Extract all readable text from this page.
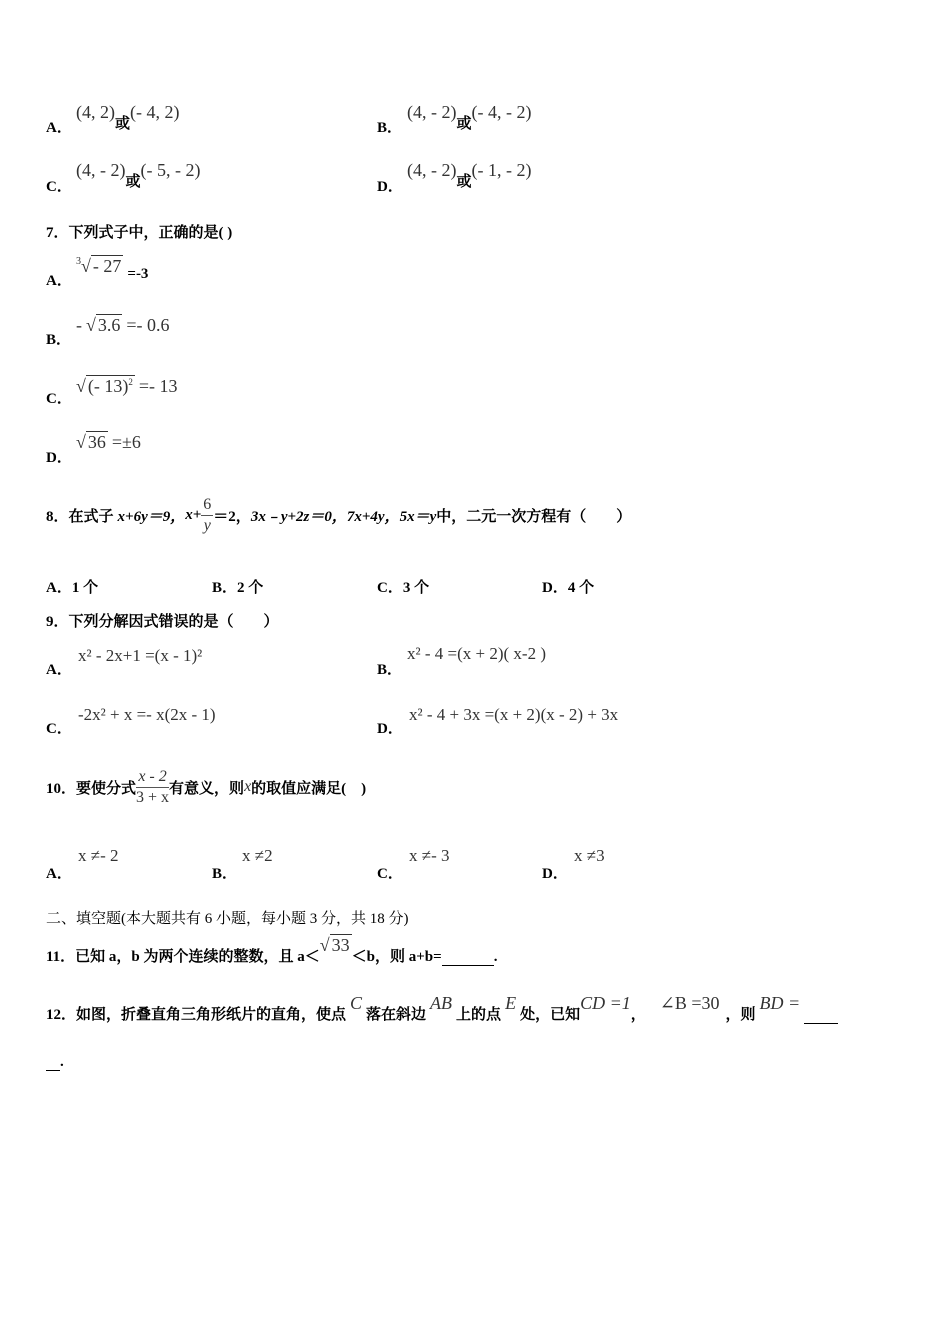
A．
(4, 2)或(- 4, 2)
B．
(4, - 2)或(- 4, - 2)
C．
(4, - 2)或(- 5, - 2)
D．
(4, - 2)或(- 1, - 2)
7．下列式子中，正确的是( )
A．
$^3$√ - 27 =-3
B．
- √ 3.6 =- 0.6
C．
√ (- 13)$^2$ =- 13
D．
√ 36 =±6
8．在式子 x+6y＝9， $x+ \frac{6}{y} =2$， 3x﹣y+2z＝0， 7x+4y， 5x＝y 中，二元一次方程有（　　）
A．1 个	B．2 个	C．3 个	D．4 个
9．下列分解因式错误的是（　　）
A．
x² - 2x+1 =(x - 1)²
B．
x² - 4 =(x + 2)( x-2 )
C．
-2x² + x =- x(2x - 1)
D．
x² - 4 + 3x =(x + 2)(x - 2) + 3x
10．要使分式 $\frac{x - 2}{3 + x}$ 有意义，则 x 的取值应满足(　)
A．
x ≠- 2
B．
x ≠2
C．
x ≠- 3
D．
x ≠3
二、填空题(本大题共有 6 小题，每小题 3 分，共 18 分)
11．已知 a，b 为两个连续的整数，且 a＜
√ 33
＜b，则 a+b=	.
12．如图，折叠直角三角形纸片的直角，使点
C
落在斜边
AB
上的点
E
处，已知
CD =1
，
∠B =30
，则
BD =
.
